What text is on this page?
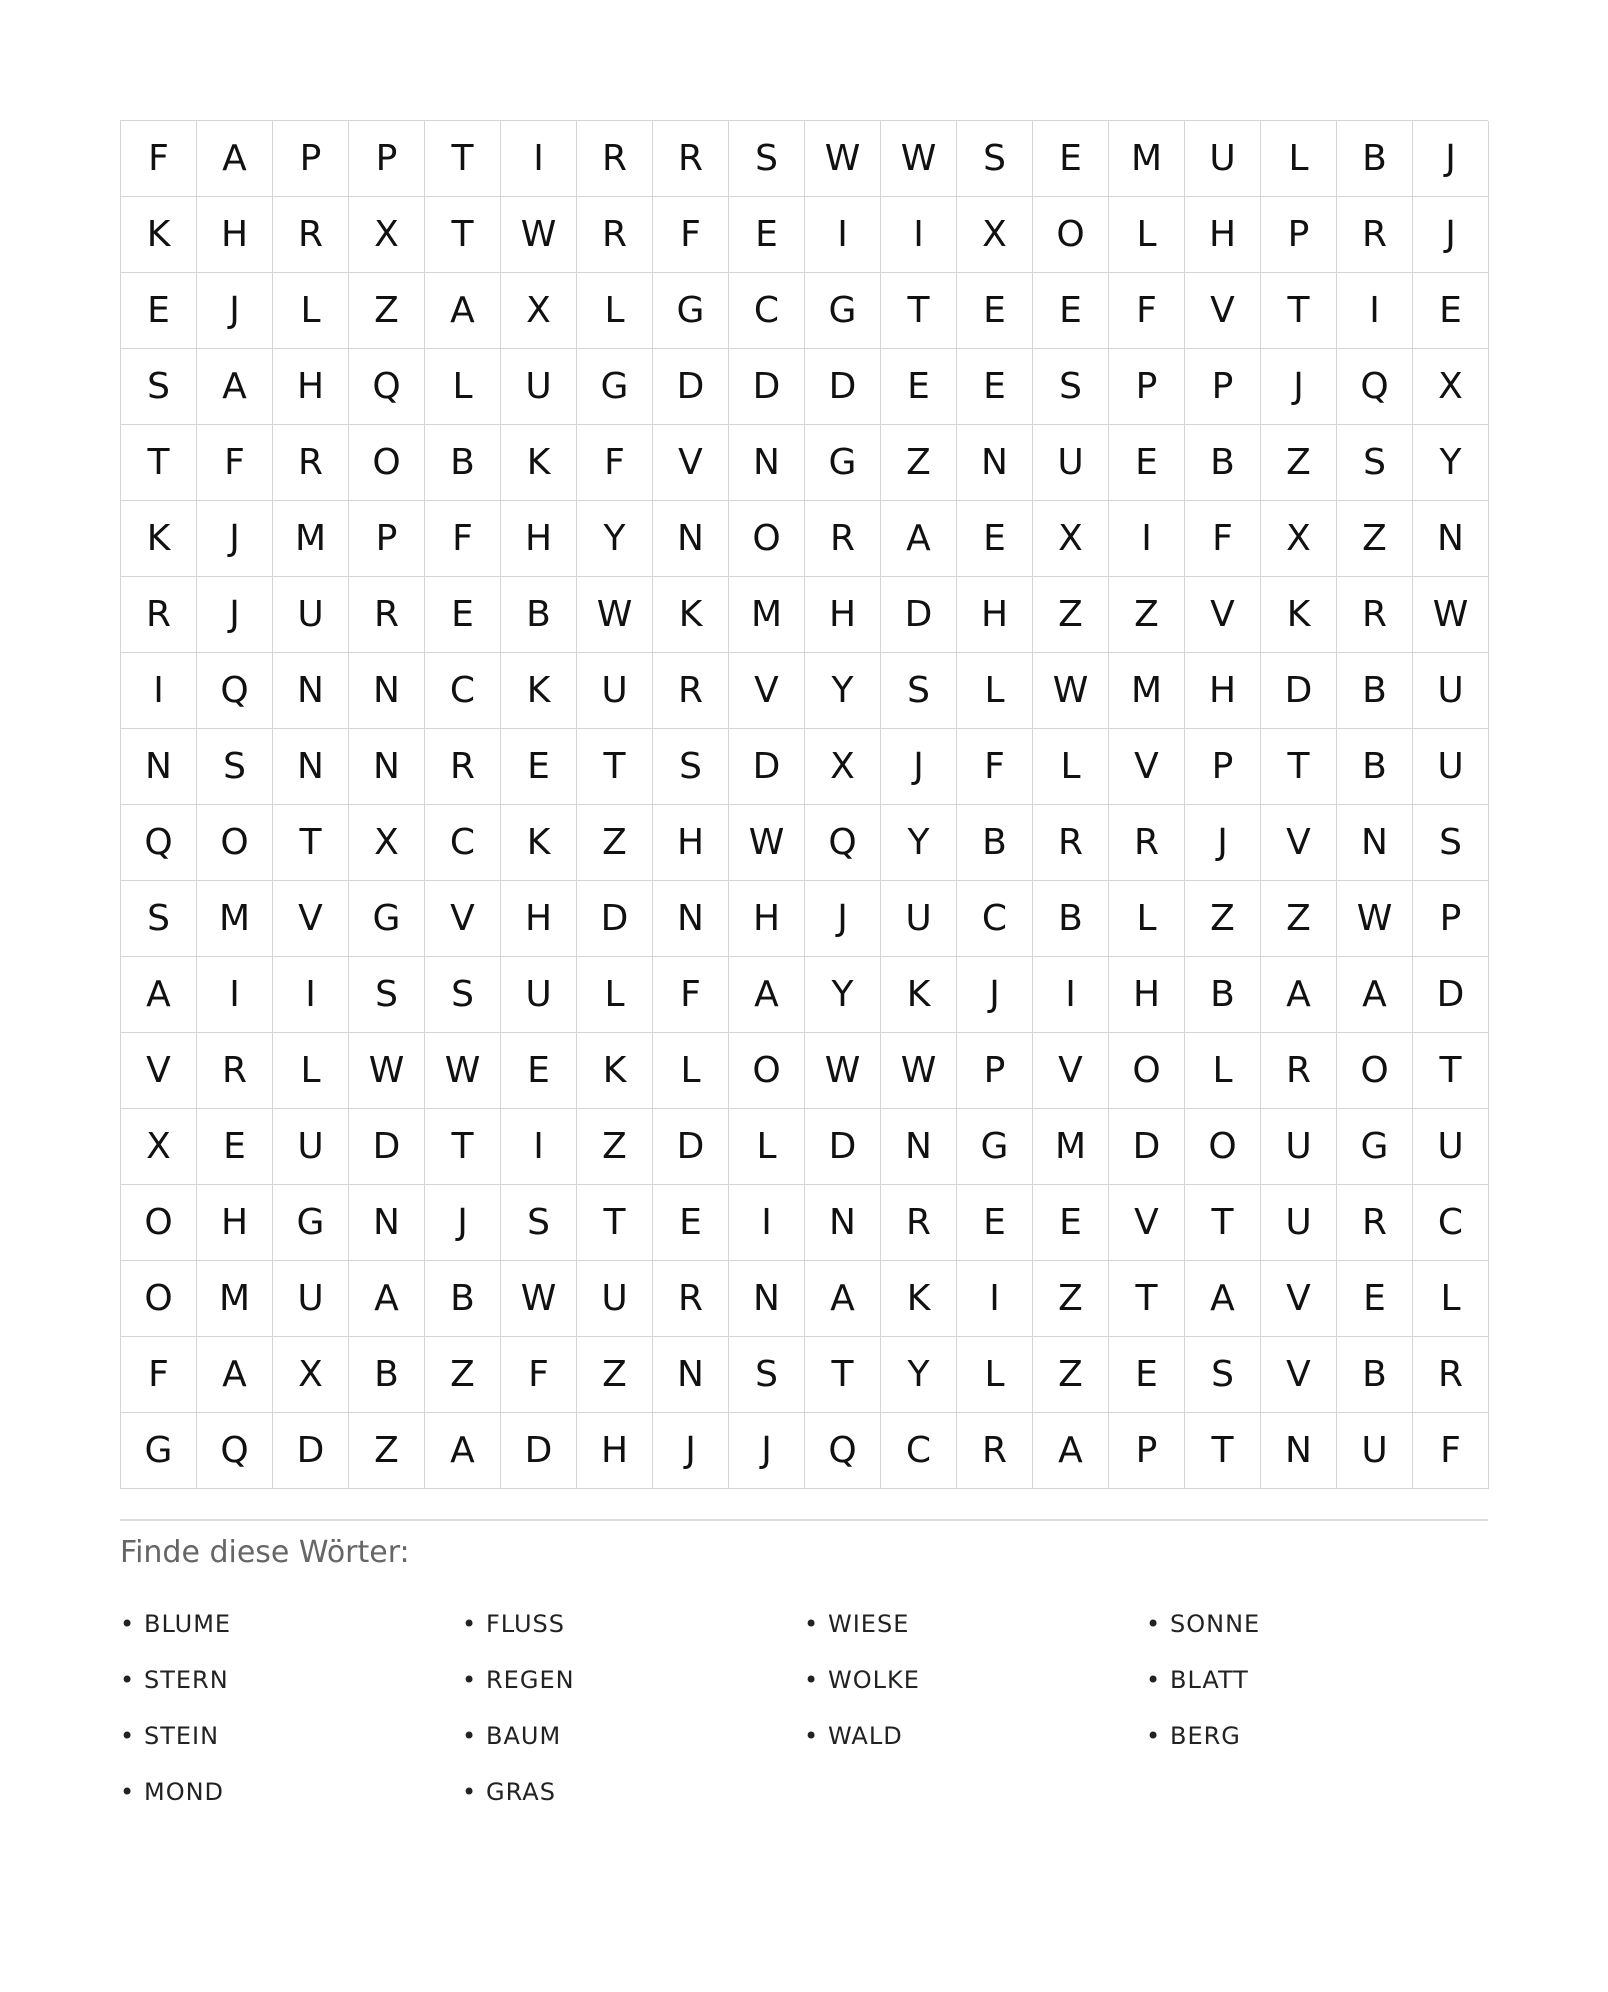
F	A	P	P	T	I	R	R	S	W	W	S	E	M	U	L	B	J
K	H	R	X	T	W	R	F	E	I	I	X	O	L	H	P	R	J
E	J	L	Z	A	X	L	G	C	G	T	E	E	F	V	T	I	E
S	A	H	Q	L	U	G	D	D	D	E	E	S	P	P	J	Q	X
T	F	R	O	B	K	F	V	N	G	Z	N	U	E	B	Z	S	Y
K	J	M	P	F	H	Y	N	O	R	A	E	X	I	F	X	Z	N
R	J	U	R	E	B	W	K	M	H	D	H	Z	Z	V	K	R	W
I	Q	N	N	C	K	U	R	V	Y	S	L	W	M	H	D	B	U
N	S	N	N	R	E	T	S	D	X	J	F	L	V	P	T	B	U
Q	O	T	X	C	K	Z	H	W	Q	Y	B	R	R	J	V	N	S
S	M	V	G	V	H	D	N	H	J	U	C	B	L	Z	Z	W	P
A	I	I	S	S	U	L	F	A	Y	K	J	I	H	B	A	A	D
V	R	L	W	W	E	K	L	O	W	W	P	V	O	L	R	O	T
X	E	U	D	T	I	Z	D	L	D	N	G	M	D	O	U	G	U
O	H	G	N	J	S	T	E	I	N	R	E	E	V	T	U	R	C
O	M	U	A	B	W	U	R	N	A	K	I	Z	T	A	V	E	L
F	A	X	B	Z	F	Z	N	S	T	Y	L	Z	E	S	V	B	R
G	Q	D	Z	A	D	H	J	J	Q	C	R	A	P	T	N	U	F
Finde diese Wörter:
• BLUME	• FLUSS	• WIESE	• SONNE
• STERN	• REGEN	• WOLKE	• BLATT
• STEIN	• BAUM	• WALD	• BERG
• MOND	• GRAS
